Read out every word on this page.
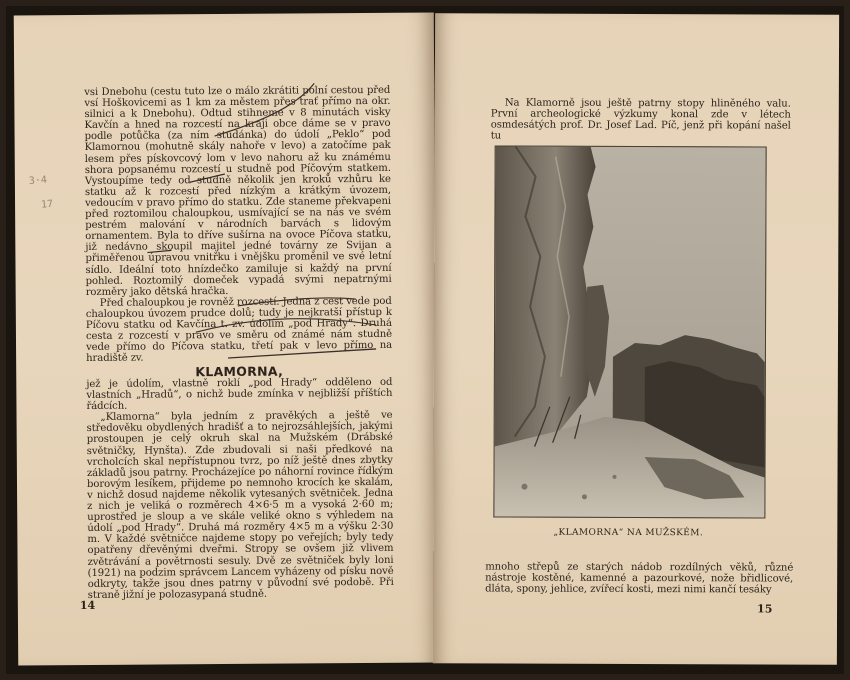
vsi Dnebohu (cestu tuto lze o málo zkrátiti polní cestou před vsí Hoškovicemi as 1 km za městem přes trať přímo na okr. silnici a k Dnebohu). Odtud stihneme v 8 minutách visky Kavčín a hned na rozcestí na kraji obce dáme se v pravo podle potůčka (za ním studánka) do údolí „Peklo“ pod Klamornou (mohutně skály nahoře v levo) a zatočíme pak lesem přes pískovcový lom v levo nahoru až ku známému shora popsanému rozcestí u studně pod Píčovým statkem. Vystoupíme tedy od studně několik jen kroků vzhůru ke statku až k rozcestí před nízkým a krátkým úvozem, vedoucím v pravo přímo do statku. Zde staneme překvapeni před roztomilou chaloupkou, usmívající se na nás ve svém pestrém malování v národních barvách s lidovým ornamentem. Byla to dříve sušírna na ovoce Píčova statku, již nedávno skoupil majitel jedné továrny ze Svijan a přiměřenou úpravou vnitřku i vnějšku proměnil ve své letní sídlo. Ideální toto hnízdečko zamiluje si každý na první pohled. Roztomilý domeček vypadá svými nepatrnými rozměry jako dětská hračka.

Před chaloupkou je rovněž rozcestí. Jedna z cest vede pod chaloupkou úvozem prudce dolů; tudy je nejkratší přístup k Píčovu statku od Kavčína t. zv. údolím „pod Hrady“. Druhá cesta z rozcestí v pravo ve směru od známé nám studně vede přímo do Píčova statku, třetí pak v levo přímo na hradiště zv.

KLAMORNA,

jež je údolím, vlastně roklí „pod Hrady“ odděleno od vlastních „Hradů“, o nichž bude zmínka v nejbližší příštích řádcích.

„Klamorna“ byla jedním z pravěkých a ještě ve středověku obydlených hradišť a to nejrozsáhlejších, jakými prostoupen je celý okruh skal na Mužském (Drábské světničky, Hynšta). Zde zbudovali si naši předkové na vrcholcích skal nepřístupnou tvrz, po níž ještě dnes zbytky základů jsou patrny. Procházejíce po náhorní rovince řídkým borovým lesíkem, přijdeme po nemnoho krocích ke skalám, v nichž dosud najdeme několik vytesaných světniček. Jedna z nich je veliká o rozměrech 4×6·5 m a vysoká 2·60 m; uprostřed je sloup a ve skále veliké okno s výhledem na údolí „pod Hrady“. Druhá má rozměry 4×5 m a výšku 2·30 m. V každé světničce najdeme stopy po veřejích; byly tedy opatřeny dřevěnými dveřmi. Stropy se ovšem již vlivem zvětrávání a povětrnosti sesuly. Dvě ze světniček byly loni (1921) na podzim správcem Lancem vyházeny od písku nově odkryty, takže jsou dnes patrny v původní své podobě. Při straně jižní je polozasypaná studně.

14
3·4
17

Na Klamorně jsou ještě patrny stopy hliněného valu. První archeologické výzkumy konal zde v létech osmdesátých prof. Dr. Josef Lad. Píč, jenž při kopání našel tu

„KLAMORNA“ NA MUŽSKÉM.

mnoho střepů ze starých nádob rozdílných věků, různé nástroje kostěné, kamenné a pazourkové, nože břidlicové, dláta, spony, jehlice, zvířecí kosti, mezi nimi kančí tesáky

15
